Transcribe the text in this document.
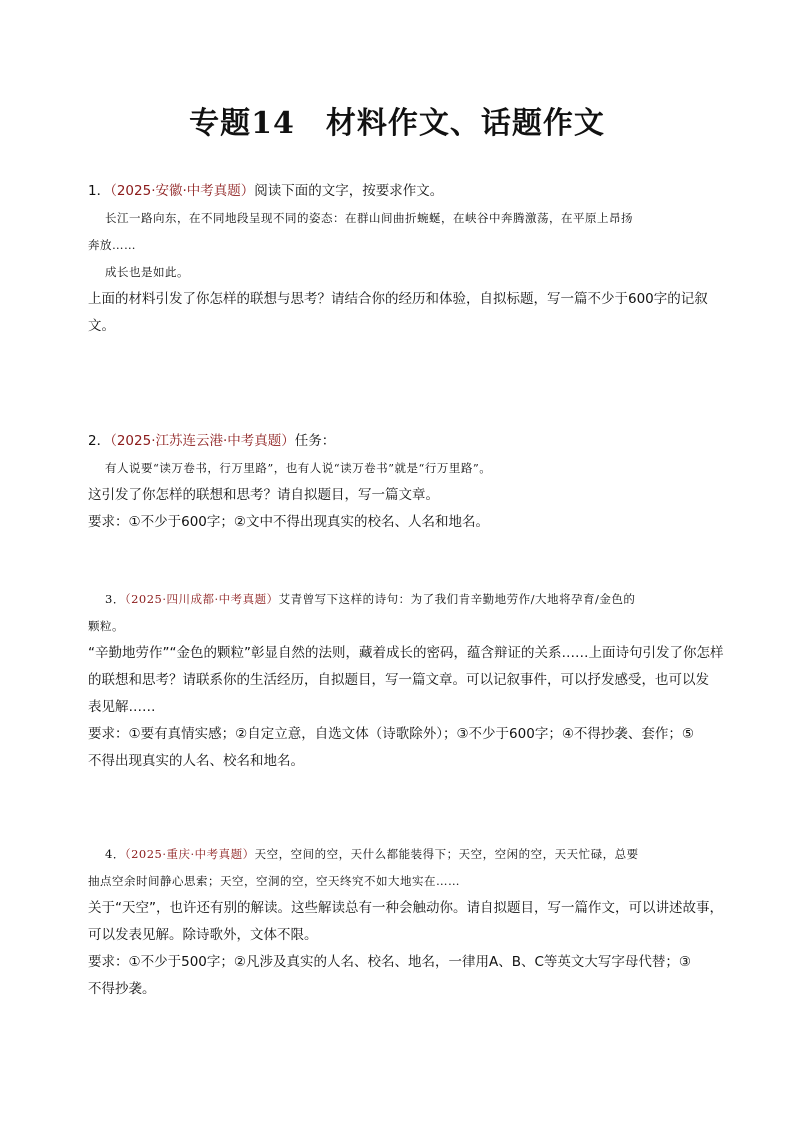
专题14　材料作文、话题作文
1．（2025·安徽·中考真题）阅读下面的文字，按要求作文。
长江一路向东，在不同地段呈现不同的姿态：在群山间曲折蜿蜒，在峡谷中奔腾激荡，在平原上昂扬
奔放……
成长也是如此。
上面的材料引发了你怎样的联想与思考？请结合你的经历和体验，自拟标题，写一篇不少于600字的记叙
文。
2．（2025·江苏连云港·中考真题）任务：
有人说要“读万卷书，行万里路”，也有人说“读万卷书”就是“行万里路”。
这引发了你怎样的联想和思考？请自拟题目，写一篇文章。
要求：①不少于600字；②文中不得出现真实的校名、人名和地名。
3．（2025·四川成都·中考真题）艾青曾写下这样的诗句：为了我们肯辛勤地劳作/大地将孕育/金色的
颗粒。
“辛勤地劳作”“金色的颗粒”彰显自然的法则，藏着成长的密码，蕴含辩证的关系……上面诗句引发了你怎样
的联想和思考？请联系你的生活经历，自拟题目，写一篇文章。可以记叙事件，可以抒发感受，也可以发
表见解……
要求：①要有真情实感；②自定立意，自选文体（诗歌除外）；③不少于600字；④不得抄袭、套作；⑤
不得出现真实的人名、校名和地名。
4．（2025·重庆·中考真题）天空，空间的空，天什么都能装得下；天空，空闲的空，天天忙碌，总要
抽点空余时间静心思索；天空，空洞的空，空天终究不如大地实在……
关于“天空”，也许还有别的解读。这些解读总有一种会触动你。请自拟题目，写一篇作文，可以讲述故事，
可以发表见解。除诗歌外，文体不限。
要求：①不少于500字；②凡涉及真实的人名、校名、地名，一律用A、B、C等英文大写字母代替；③
不得抄袭。
